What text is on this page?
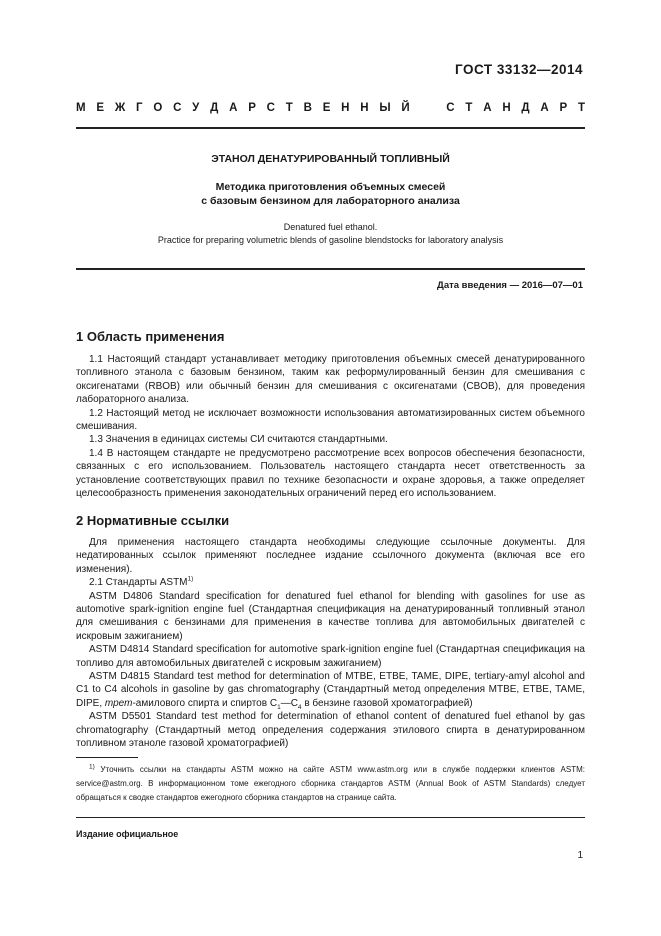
ГОСТ 33132—2014
М Е Ж Г О С У Д А Р С Т В Е Н Н Ы Й	С Т А Н Д А Р Т
ЭТАНОЛ ДЕНАТУРИРОВАННЫЙ ТОПЛИВНЫЙ
Методика приготовления объемных смесей
с базовым бензином для лабораторного анализа
Denatured fuel ethanol.
Practice for preparing volumetric blends of gasoline blendstocks for laboratory analysis
Дата введения — 2016—07—01
1 Область применения

1.1 Настоящий стандарт устанавливает методику приготовления объемных смесей денатурированного топливного этанола с базовым бензином, таким как реформулированный бензин для смешивания с оксигенатами (RBOB) или обычный бензин для смешивания с оксигенатами (CBOB), для проведения лабораторного анализа.

1.2 Настоящий метод не исключает возможности использования автоматизированных систем объемного смешивания.

1.3 Значения в единицах системы СИ считаются стандартными.

1.4 В настоящем стандарте не предусмотрено рассмотрение всех вопросов обеспечения безопасности, связанных с его использованием. Пользователь настоящего стандарта несет ответственность за установление соответствующих правил по технике безопасности и охране здоровья, а также определяет целесообразность применения законодательных ограничений перед его использованием.

2 Нормативные ссылки

Для применения настоящего стандарта необходимы следующие ссылочные документы. Для недатированных ссылок применяют последнее издание ссылочного документа (включая все его изменения).

2.1 Стандарты ASTM$^{1)}$

ASTM D4806 Standard specification for denatured fuel ethanol for blending with gasolines for use as automotive spark-ignition engine fuel (Стандартная спецификация на денатурированный топливный этанол для смешивания с бензинами для применения в качестве топлива для автомобильных двигателей с искровым зажиганием)

ASTM D4814 Standard specification for automotive spark-ignition engine fuel (Стандартная спецификация на топливо для автомобильных двигателей с искровым зажиганием)

ASTM D4815 Standard test method for determination of MTBE, ETBE, TAME, DIPE, tertiary-amyl alcohol and C1 to C4 alcohols in gasoline by gas chromatography (Стандартный метод определения MTBE, ETBE, TAME, DIPE, трет-амилового спирта и спиртов $С_1—С_4$ в бензине газовой хроматографией)

ASTM D5501 Standard test method for determination of ethanol content of denatured fuel ethanol by gas chromatography (Стандартный метод определения содержания этилового спирта в денатурированном топливном этаноле газовой хроматографией)

$^{1)}$ Уточнить ссылки на стандарты ASTM можно на сайте ASTM www.astm.org или в службе поддержки клиентов ASTM: service@astm.org. В информационном томе ежегодного сборника стандартов ASTM (Annual Book of ASTM Standards) следует обращаться к сводке стандартов ежегодного сборника стандартов на странице сайта.
Издание официальное
1
